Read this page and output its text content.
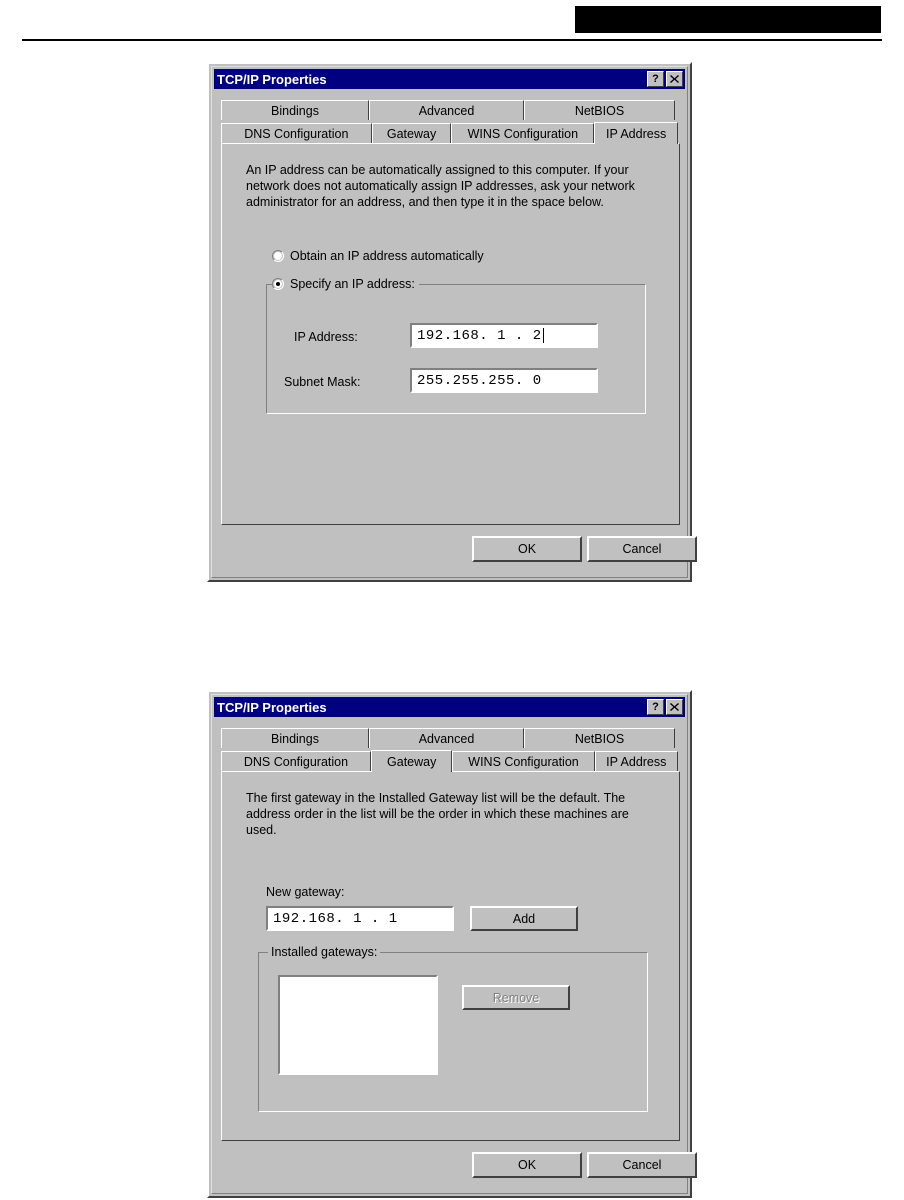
TCP/IP Properties	?
Bindings	Advanced	NetBIOS
DNS Configuration	Gateway	WINS Configuration IP Address
An IP address can be automatically assigned to this computer. If your network does not automatically assign IP addresses, ask your network administrator for an address, and then type it in the space below.
Obtain an IP address automatically
Specify an IP address:
IP Address:	192.168. 1 . 2
Subnet Mask:	255.255.255. 0
OK	Cancel
TCP/IP Properties	?
Bindings	Advanced	NetBIOS
DNS Configuration	Gateway	WINS Configuration IP Address
The first gateway in the Installed Gateway list will be the default. The address order in the list will be the order in which these machines are used.
New gateway:
192.168. 1 . 1	Add
Installed gateways:
Remove
OK	Cancel
